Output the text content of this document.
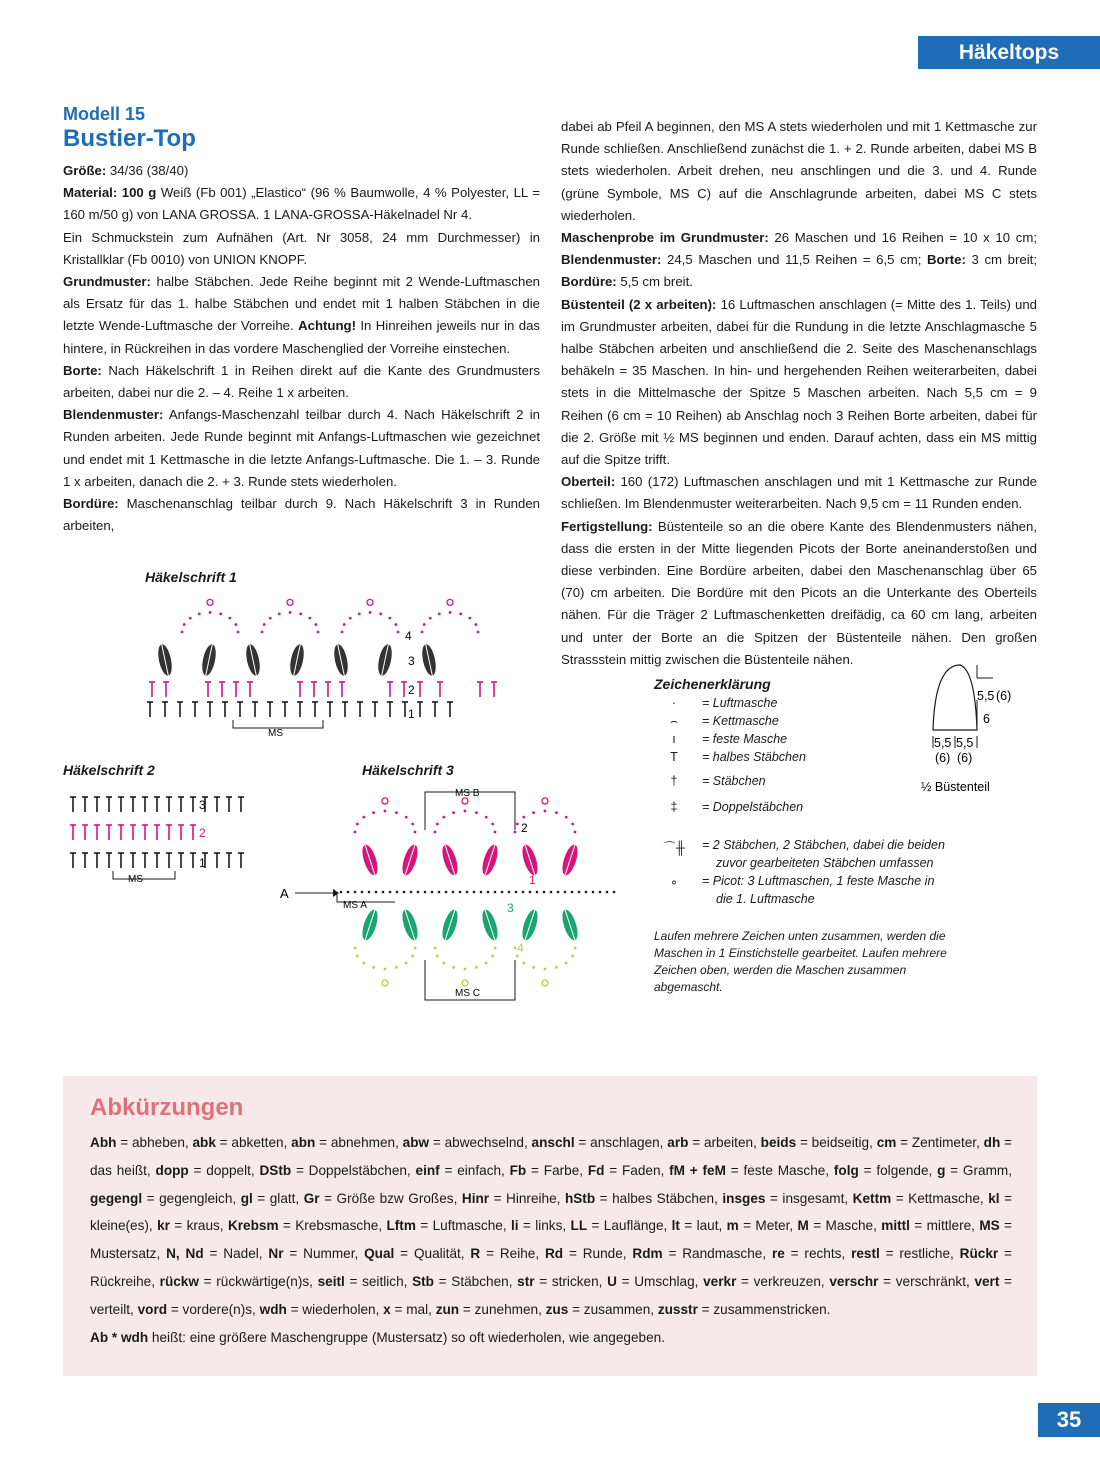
Häkeltops
Modell 15
Bustier-Top

Größe: 34/36 (38/40)

Material: 100 g Weiß (Fb 001) „Elastico“ (96 % Baumwolle, 4 % Polyester, LL = 160 m/50 g) von LANA GROSSA. 1 LANA-GROSSA-Häkelnadel Nr 4.

Ein Schmuckstein zum Aufnähen (Art. Nr 3058, 24 mm Durchmesser) in Kristallklar (Fb 0010) von UNION KNOPF.

Grundmuster: halbe Stäbchen. Jede Reihe beginnt mit 2 Wende-Luftmaschen als Ersatz für das 1. halbe Stäbchen und endet mit 1 halben Stäbchen in die letzte Wende-Luftmasche der Vorreihe. Achtung! In Hinreihen jeweils nur in das hintere, in Rückreihen in das vordere Maschenglied der Vorreihe einstechen.

Borte: Nach Häkelschrift 1 in Reihen direkt auf die Kante des Grundmusters arbeiten, dabei nur die 2. – 4. Reihe 1 x arbeiten.

Blendenmuster: Anfangs-Maschenzahl teilbar durch 4. Nach Häkelschrift 2 in Runden arbeiten. Jede Runde beginnt mit Anfangs-Luftmaschen wie gezeichnet und endet mit 1 Kettmasche in die letzte Anfangs-Luftmasche. Die 1. – 3. Runde 1 x arbeiten, danach die 2. + 3. Runde stets wiederholen.

Bordüre: Maschenanschlag teilbar durch 9. Nach Häkelschrift 3 in Runden arbeiten,

dabei ab Pfeil A beginnen, den MS A stets wiederholen und mit 1 Kettmasche zur Runde schließen. Anschließend zunächst die 1. + 2. Runde arbeiten, dabei MS B stets wiederholen. Arbeit drehen, neu anschlingen und die 3. und 4. Runde (grüne Symbole, MS C) auf die Anschlagrunde arbeiten, dabei MS C stets wiederholen.

Maschenprobe im Grundmuster: 26 Maschen und 16 Reihen = 10 x 10 cm; Blendenmuster: 24,5 Maschen und 11,5 Reihen = 6,5 cm; Borte: 3 cm breit; Bordüre: 5,5 cm breit.

Büstenteil (2 x arbeiten): 16 Luftmaschen anschlagen (= Mitte des 1. Teils) und im Grundmuster arbeiten, dabei für die Rundung in die letzte Anschlagmasche 5 halbe Stäbchen arbeiten und anschließend die 2. Seite des Maschenanschlags behäkeln = 35 Maschen. In hin- und hergehenden Reihen weiterarbeiten, dabei stets in die Mittelmasche der Spitze 5 Maschen arbeiten. Nach 5,5 cm = 9 Reihen (6 cm = 10 Reihen) ab Anschlag noch 3 Reihen Borte arbeiten, dabei für die 2. Größe mit ½ MS beginnen und enden. Darauf achten, dass ein MS mittig auf die Spitze trifft.

Oberteil: 160 (172) Luftmaschen anschlagen und mit 1 Kettmasche zur Runde schließen. Im Blendenmuster weiterarbeiten. Nach 9,5 cm = 11 Runden enden.

Fertigstellung: Büstenteile so an die obere Kante des Blendenmusters nähen, dass die ersten in der Mitte liegenden Picots der Borte aneinanderstoßen und diese verbinden. Eine Bordüre arbeiten, dabei den Maschenanschlag über 65 (70) cm arbeiten. Die Bordüre mit den Picots an die Unterkante des Oberteils nähen. Für die Träger 2 Luftmaschenketten dreifädig, ca 60 cm lang, arbeiten und unter der Borte an die Spitzen der Büstenteile nähen. Den großen Strassstein mittig zwischen die Büstenteile nähen.

Häkelschrift 1
4
3
2
1
MS
Häkelschrift 2
3
2
1
MS
Häkelschrift 3
A
MS B
MS A
MS C
2
1
3
4
Zeichenerklärung
·	= Luftmasche
⌢	= Kettmasche
ı	= feste Masche
T	= halbes Stäbchen
†	= Stäbchen
‡	= Doppelstäbchen
⌒╫	= 2 Stäbchen, 2 Stäbchen, dabei die beiden
zuvor gearbeiteten Stäbchen umfassen
∘	= Picot: 3 Luftmaschen, 1 feste Masche in
die 1. Luftmasche
Laufen mehrere Zeichen unten zusammen, werden die Maschen in 1 Einstichstelle gearbeitet. Laufen mehrere Zeichen oben, werden die Maschen zusammen abgemascht.
5,5 (6)
6
5,5 5,5
(6) (6)
½ Büstenteil
Abkürzungen
Abh = abheben, abk = abketten, abn = abnehmen, abw = abwechselnd, anschl = anschlagen, arb = arbeiten, beids = beidseitig, cm = Zentimeter, dh = das heißt, dopp = doppelt, DStb = Doppelstäbchen, einf = einfach, Fb = Farbe, Fd = Faden, fM + feM = feste Masche, folg = folgende, g = Gramm, gegengl = gegengleich, gl = glatt, Gr = Größe bzw Großes, Hinr = Hinreihe, hStb = halbes Stäbchen, insges = insgesamt, Kettm = Kettmasche, kl = kleine(es), kr = kraus, Krebsm = Krebsmasche, Lftm = Luftmasche, li = links, LL = Lauflänge, lt = laut, m = Meter, M = Masche, mittl = mittlere, MS = Mustersatz, N, Nd = Nadel, Nr = Nummer, Qual = Qualität, R = Reihe, Rd = Runde, Rdm = Randmasche, re = rechts, restl = restliche, Rückr = Rückreihe, rückw = rückwärtige(n)s, seitl = seitlich, Stb = Stäbchen, str = stricken, U = Umschlag, verkr = verkreuzen, verschr = verschränkt, vert = verteilt, vord = vordere(n)s, wdh = wiederholen, x = mal, zun = zunehmen, zus = zusammen, zusstr = zusammenstricken.
Ab * wdh heißt: eine größere Maschengruppe (Mustersatz) so oft wiederholen, wie angegeben.
35
